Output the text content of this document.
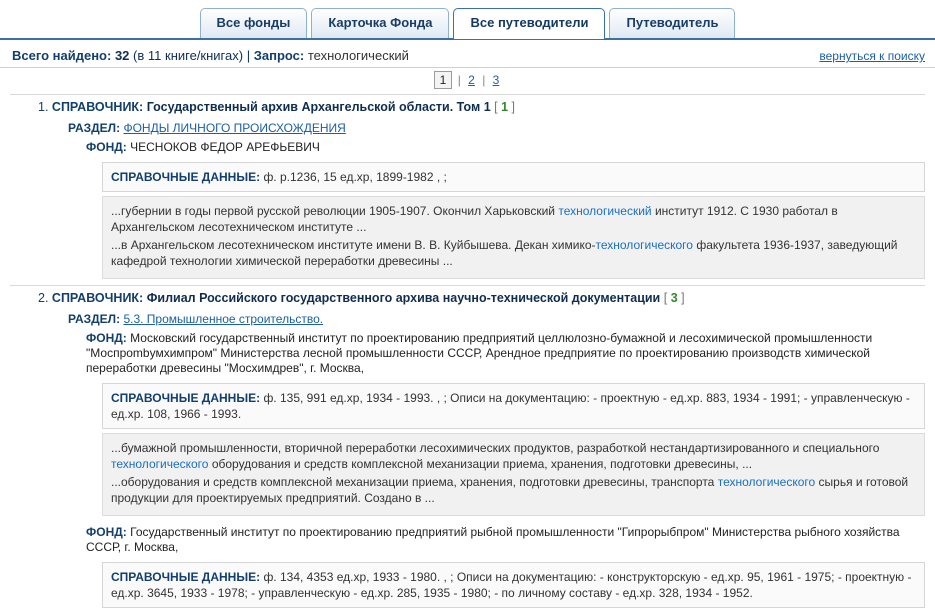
Все фонды	Карточка Фонда	Все путеводители	Путеводитель
Всего найдено: 32 (в 11 книге/книгах) | Запрос: технологический	вернуться к поиску
1 | 2 | 3
1. СПРАВОЧНИК: Государственный архив Архангельской области. Том 1 [ 1 ]
РАЗДЕЛ: ФОНДЫ ЛИЧНОГО ПРОИСХОЖДЕНИЯ
ФОНД: ЧЕСНОКОВ ФЕДОР АРЕФЬЕВИЧ
СПРАВОЧНЫЕ ДАННЫЕ: ф. р.1236, 15 ед.хр, 1899-1982 , ;

...губернии в годы первой русской революции 1905-1907. Окончил Харьковский технологический институт 1912. С 1930 работал в Архангельском лесотехническом институте ...

...в Архангельском лесотехническом институте имени В. В. Куйбышева. Декан химико-технологического факультета 1936-1937, заведующий кафедрой технологии химической переработки древесины ...

2. СПРАВОЧНИК: Филиал Российского государственного архива научно-технической документации [ 3 ]
РАЗДЕЛ: 5.3. Промышленное строительство.
ФОНД: Московский государственный институт по проектированию предприятий целлюлозно-бумажной и лесохимической промышленности "Моспрombумхимпром" Министерства лесной промышленности СССР, Арендное предприятие по проектированию производств химической переработки древесины "Мосхимдрев", г. Москва,
СПРАВОЧНЫЕ ДАННЫЕ: ф. 135, 991 ед.хр, 1934 - 1993. , ; Описи на документацию: - проектную - ед.хр. 883, 1934 - 1991; - управленческую - ед.хр. 108, 1966 - 1993.

...бумажной промышленности, вторичной переработки лесохимических продуктов, разработкой нестандартизированного и специального технологического оборудования и средств комплексной механизации приема, хранения, подготовки древесины, ...

...оборудования и средств комплексной механизации приема, хранения, подготовки древесины, транспорта технологического сырья и готовой продукции для проектируемых предприятий. Создано в ...

ФОНД: Государственный институт по проектированию предприятий рыбной промышленности "Гипрорыбпром" Министерства рыбного хозяйства СССР, г. Москва,
СПРАВОЧНЫЕ ДАННЫЕ: ф. 134, 4353 ед.хр, 1933 - 1980. , ; Описи на документацию: - конструкторскую - ед.хр. 95, 1961 - 1975; - проектную - ед.хр. 3645, 1933 - 1978; - управленческую - ед.хр. 285, 1935 - 1980; - по личному составу - ед.хр. 328, 1934 - 1952.
